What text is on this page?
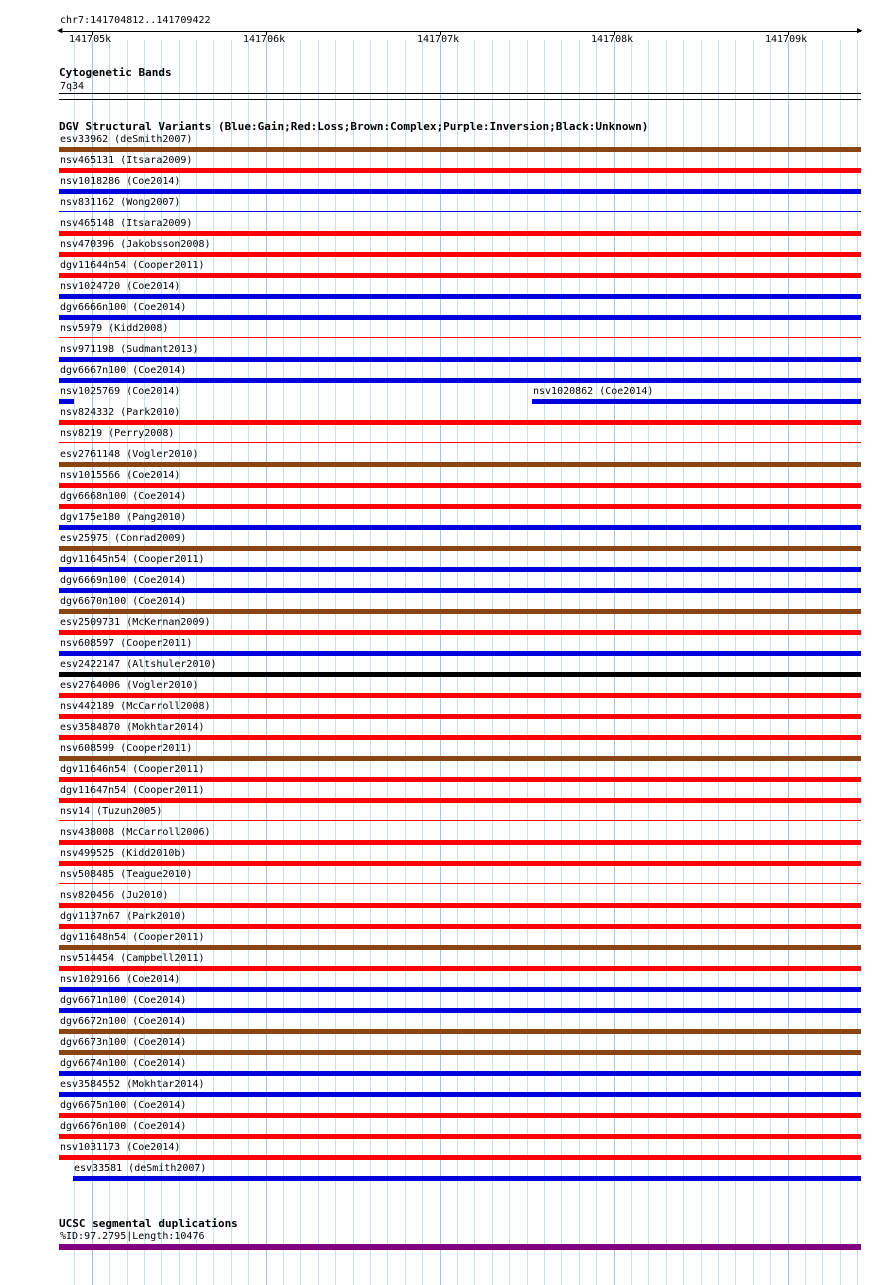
chr7:141704812..141709422
◀	▶
141705k	141706k	141707k	141708k	141709k
Cytogenetic Bands
7q34
DGV Structural Variants (Blue:Gain;Red:Loss;Brown:Complex;Purple:Inversion;Black:Unknown)
esv33962 (deSmith2007)
nsv465131 (Itsara2009)
nsv1018286 (Coe2014)
nsv831162 (Wong2007)
nsv465148 (Itsara2009)
nsv470396 (Jakobsson2008)
dgv11644n54 (Cooper2011)
nsv1024720 (Coe2014)
dgv6666n100 (Coe2014)
nsv5979 (Kidd2008)
nsv971198 (Sudmant2013)
dgv6667n100 (Coe2014)
nsv1025769 (Coe2014)	nsv1020862 (Coe2014)
nsv824332 (Park2010)
nsv8219 (Perry2008)
esv2761148 (Vogler2010)
nsv1015566 (Coe2014)
dgv6668n100 (Coe2014)
dgv175e180 (Pang2010)
esv25975 (Conrad2009)
dgv11645n54 (Cooper2011)
dgv6669n100 (Coe2014)
dgv6670n100 (Coe2014)
esv2509731 (McKernan2009)
nsv608597 (Cooper2011)
esv2422147 (Altshuler2010)
esv2764006 (Vogler2010)
nsv442189 (McCarroll2008)
esv3584870 (Mokhtar2014)
nsv608599 (Cooper2011)
dgv11646n54 (Cooper2011)
dgv11647n54 (Cooper2011)
nsv14 (Tuzun2005)
nsv438008 (McCarroll2006)
nsv499525 (Kidd2010b)
nsv508485 (Teague2010)
nsv820456 (Ju2010)
dgv1137n67 (Park2010)
dgv11648n54 (Cooper2011)
nsv514454 (Campbell2011)
nsv1029166 (Coe2014)
dgv6671n100 (Coe2014)
dgv6672n100 (Coe2014)
dgv6673n100 (Coe2014)
dgv6674n100 (Coe2014)
esv3584552 (Mokhtar2014)
dgv6675n100 (Coe2014)
dgv6676n100 (Coe2014)
nsv1031173 (Coe2014)
esv33581 (deSmith2007)
UCSC segmental duplications
%ID:97.2795|Length:10476
